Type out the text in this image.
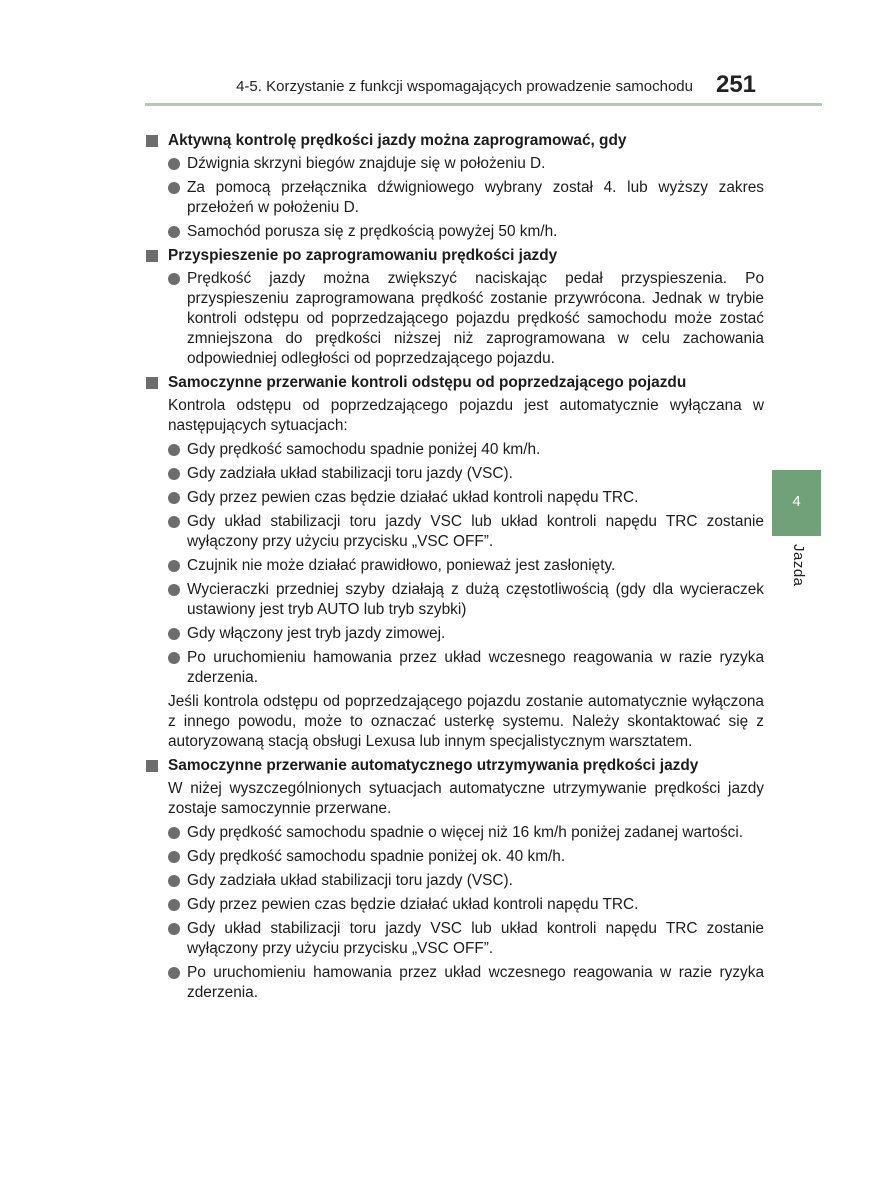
4-5. Korzystanie z funkcji wspomagających prowadzenie samochodu 251
4
Jazda
Aktywną kontrolę prędkości jazdy można zaprogramować, gdy
Dźwignia skrzyni biegów znajduje się w położeniu D.
Za pomocą przełącznika dźwigniowego wybrany został 4. lub wyższy zakres przełożeń w położeniu D.
Samochód porusza się z prędkością powyżej 50 km/h.
Przyspieszenie po zaprogramowaniu prędkości jazdy
Prędkość jazdy można zwiększyć naciskając pedał przyspieszenia. Po przyspieszeniu zaprogramowana prędkość zostanie przywrócona. Jednak w trybie kontroli odstępu od poprzedzającego pojazdu prędkość samochodu może zostać zmniejszona do prędkości niższej niż zaprogramowana w celu zachowania odpowiedniej odległości od poprzedzającego pojazdu.
Samoczynne przerwanie kontroli odstępu od poprzedzającego pojazdu
Kontrola odstępu od poprzedzającego pojazdu jest automatycznie wyłączana w następujących sytuacjach:
Gdy prędkość samochodu spadnie poniżej 40 km/h.
Gdy zadziała układ stabilizacji toru jazdy (VSC).
Gdy przez pewien czas będzie działać układ kontroli napędu TRC.
Gdy układ stabilizacji toru jazdy VSC lub układ kontroli napędu TRC zostanie wyłączony przy użyciu przycisku „VSC OFF”.
Czujnik nie może działać prawidłowo, ponieważ jest zasłonięty.
Wycieraczki przedniej szyby działają z dużą częstotliwością (gdy dla wycieraczek ustawiony jest tryb AUTO lub tryb szybki)
Gdy włączony jest tryb jazdy zimowej.
Po uruchomieniu hamowania przez układ wczesnego reagowania w razie ryzyka zderzenia.
Jeśli kontrola odstępu od poprzedzającego pojazdu zostanie automatycznie wyłączona z innego powodu, może to oznaczać usterkę systemu. Należy skontaktować się z autoryzowaną stacją obsługi Lexusa lub innym specjalistycznym warsztatem.
Samoczynne przerwanie automatycznego utrzymywania prędkości jazdy
W niżej wyszczególnionych sytuacjach automatyczne utrzymywanie prędkości jazdy zostaje samoczynnie przerwane.
Gdy prędkość samochodu spadnie o więcej niż 16 km/h poniżej zadanej wartości.
Gdy prędkość samochodu spadnie poniżej ok. 40 km/h.
Gdy zadziała układ stabilizacji toru jazdy (VSC).
Gdy przez pewien czas będzie działać układ kontroli napędu TRC.
Gdy układ stabilizacji toru jazdy VSC lub układ kontroli napędu TRC zostanie wyłączony przy użyciu przycisku „VSC OFF”.
Po uruchomieniu hamowania przez układ wczesnego reagowania w razie ryzyka zderzenia.
